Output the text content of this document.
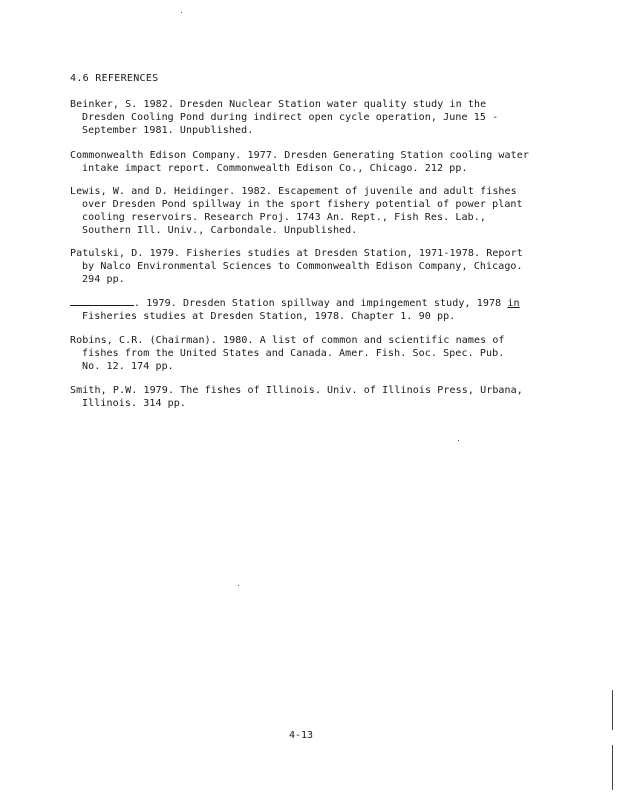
4.6 REFERENCES
Beinker, S. 1982. Dresden Nuclear Station water quality study in the
Dresden Cooling Pond during indirect open cycle operation, June 15 -
September 1981. Unpublished.
Commonwealth Edison Company. 1977. Dresden Generating Station cooling water
intake impact report. Commonwealth Edison Co., Chicago. 212 pp.
Lewis, W. and D. Heidinger. 1982. Escapement of juvenile and adult fishes
over Dresden Pond spillway in the sport fishery potential of power plant
cooling reservoirs. Research Proj. 1743 An. Rept., Fish Res. Lab.,
Southern Ill. Univ., Carbondale. Unpublished.
Patulski, D. 1979. Fisheries studies at Dresden Station, 1971-1978. Report
by Nalco Environmental Sciences to Commonwealth Edison Company, Chicago.
294 pp.
. 1979. Dresden Station spillway and impingement study, 1978 in
Fisheries studies at Dresden Station, 1978. Chapter 1. 90 pp.
Robins, C.R. (Chairman). 1980. A list of common and scientific names of
fishes from the United States and Canada. Amer. Fish. Soc. Spec. Pub.
No. 12. 174 pp.
Smith, P.W. 1979. The fishes of Illinois. Univ. of Illinois Press, Urbana,
Illinois. 314 pp.
4-13
